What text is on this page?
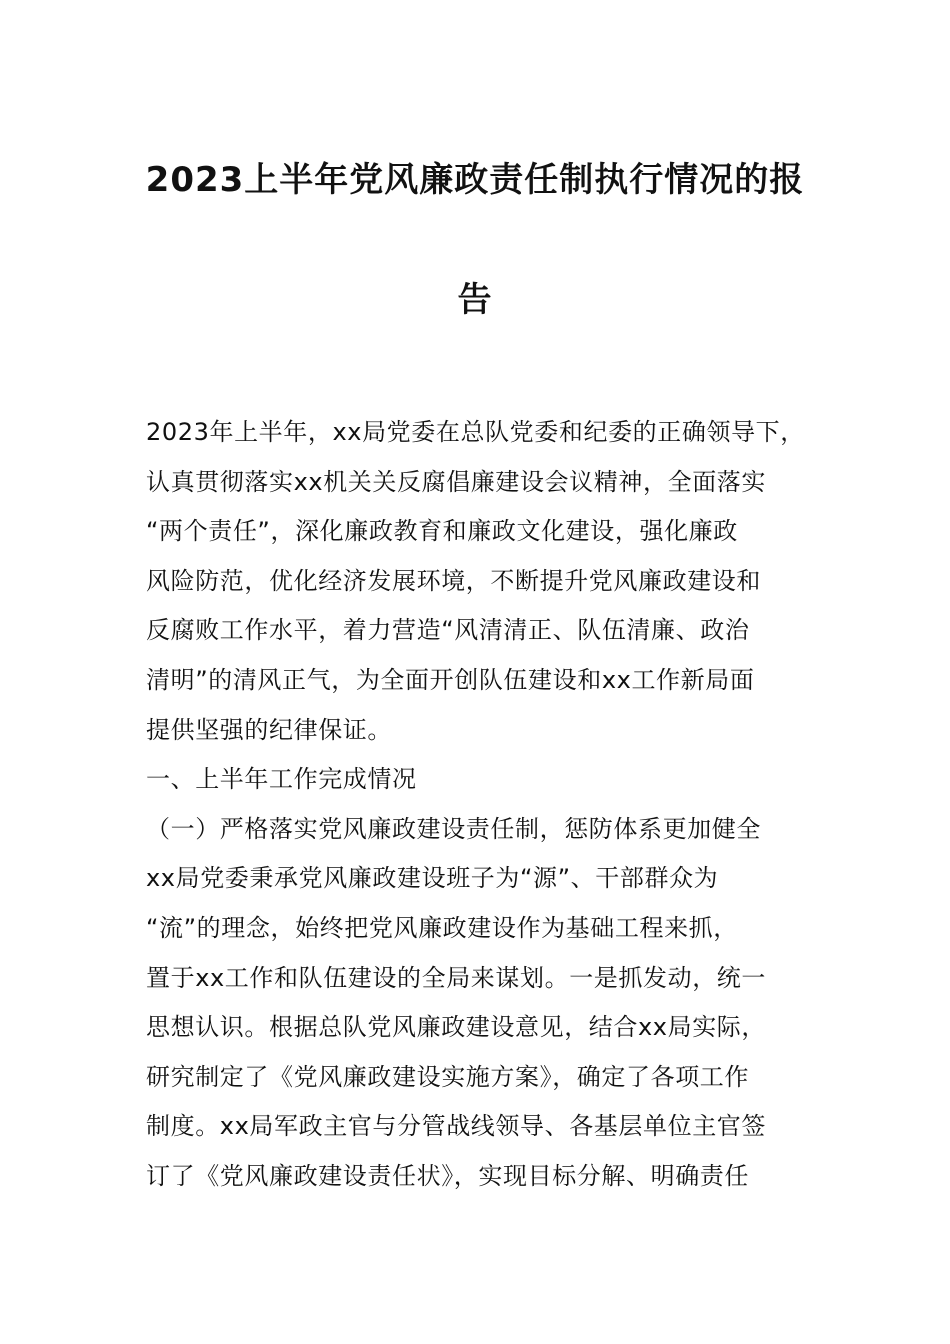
2023上半年党风廉政责任制执行情况的报
告
2023年上半年，xx局党委在总队党委和纪委的正确领导下，
认真贯彻落实xx机关关反腐倡廉建设会议精神，全面落实
“两个责任”，深化廉政教育和廉政文化建设，强化廉政
风险防范，优化经济发展环境，不断提升党风廉政建设和
反腐败工作水平，着力营造“风清清正、队伍清廉、政治
清明”的清风正气，为全面开创队伍建设和xx工作新局面
提供坚强的纪律保证。
一、上半年工作完成情况
（一）严格落实党风廉政建设责任制，惩防体系更加健全
xx局党委秉承党风廉政建设班子为“源”、干部群众为
“流”的理念，始终把党风廉政建设作为基础工程来抓，
置于xx工作和队伍建设的全局来谋划。一是抓发动，统一
思想认识。根据总队党风廉政建设意见，结合xx局实际，
研究制定了《党风廉政建设实施方案》，确定了各项工作
制度。xx局军政主官与分管战线领导、各基层单位主官签
订了《党风廉政建设责任状》，实现目标分解、明确责任
